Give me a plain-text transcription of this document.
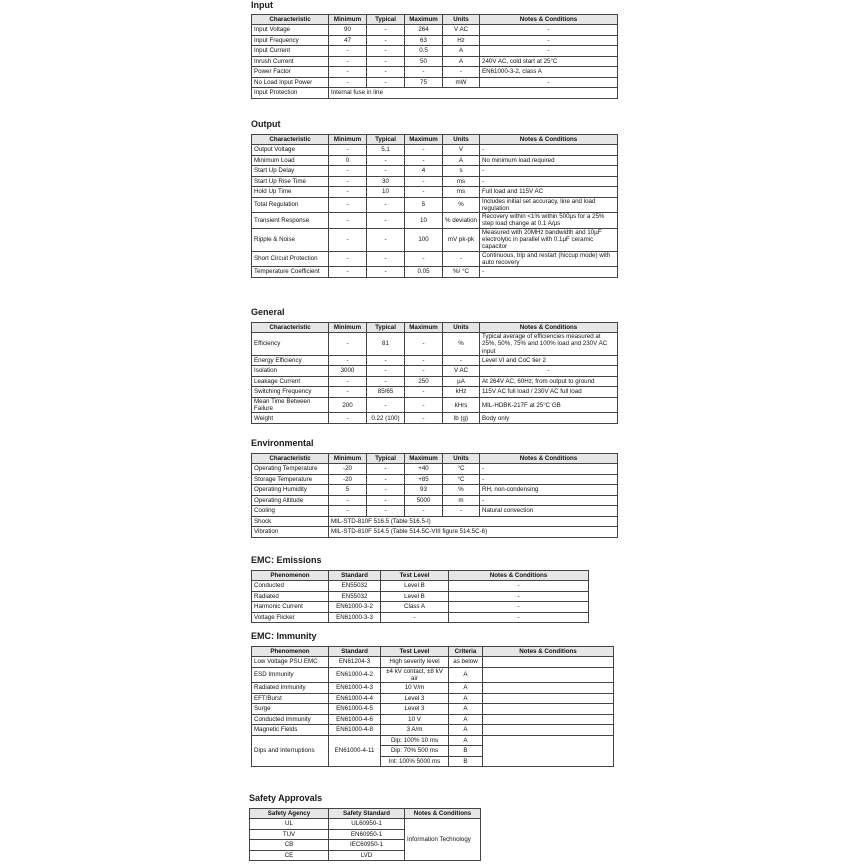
Input
Characteristic	Minimum	Typical	Maximum	Units	Notes & Conditions
Input Voltage	90	-	264	V AC	-
Input Frequency	47	-	63	Hz	-
Input Current	-	-	0.5	A	-
Inrush Current	-	-	50	A	240V AC, cold start at 25°C
Power Factor	-	-	-	-	EN61000-3-2, class A
No Load Input Power	-	-	75	mW	-
Input Protection	Internal fuse in line				
Output
Characteristic	Minimum	Typical	Maximum	Units	Notes & Conditions
Output Voltage	-	5.1	-	V	-
Minimum Load	0	-	-	A	No minimum load required
Start Up Delay	-	-	4	s	-
Start Up Rise Time	-	30	-	ms	-
Hold Up Time	-	10	-	ms	Full load and 115V AC
Total Regulation	-	-	5	%	Includes initial set accuracy, line and load regulation
Transient Response	-	-	10	% deviation	Recovery within <1% within 500µs for a 25% step load change at 0.1 A/µs
Ripple & Noise	-	-	100	mV pk-pk	Measured with 20MHz bandwidth and 10µF electrolytic in parallel with 0.1µF ceramic capacitor
Short Circuit Protection	-	-	-	-	Continuous, trip and restart (hiccup mode) with auto recovery
Temperature Coefficient	-	-	0.05	%/ °C	-
General
Characteristic	Minimum	Typical	Maximum	Units	Notes & Conditions
Efficiency	-	81	-	%	Typical average of efficiencies measured at 25%, 50%, 75% and 100% load and 230V AC input
Energy Efficiency	-	-	-	-	Level VI and CoC tier 2
Isolation	3000	-	-	V AC	-
Leakage Current	-	-	250	µA	At 264V AC, 60Hz, from output to ground
Switching Frequency	-	85/65	-	kHz	115V AC full load / 230V AC full load
Mean Time Between Failure	200	-	-	kHrs	MIL-HDBK-217F at 25°C GB
Weight	-	0.22 (100)	-	lb (g)	Body only
Environmental
Characteristic	Minimum	Typical	Maximum	Units	Notes & Conditions
Operating Temperature	-20	-	+40	°C	-
Storage Temperature	-20	-	+85	°C	-
Operating Humidity	5	-	93	%	RH, non-condensing
Operating Altitude	-	-	5000	m	-
Cooling	-	-	-	-	Natural convection
Shock	MIL-STD-810F 516.5 (Table 516.5-I)				
Vibration	MIL-STD-810F 514.5 (Table 514.5C-VIII figure 514.5C-6)				
EMC: Emissions
Phenomenon	Standard	Test Level	Notes & Conditions
Conducted	EN55032	Level B	-
Radiated	EN55032	Level B	-
Harmonic Current	EN61000-3-2	Class A	-
Voltage Flicker	EN61000-3-3	-	-
EMC: Immunity
Phenomenon	Standard	Test Level	Criteria	Notes & Conditions
Low Voltage PSU EMC	EN61204-3	High severity level	as below	
ESD Immunity	EN61000-4-2	±4 kV contact, ±8 kV air	A	
Radiated Immunity	EN61000-4-3	10 V/m	A	
EFT/Burst	EN61000-4-4	Level 3	A	
Surge	EN61000-4-5	Level 3	A	
Conducted Immunity	EN61000-4-6	10 V	A	
Magnetic Fields	EN61000-4-8	3 A/m	A	
Dips and Interruptions	EN61000-4-11	Dip: 100% 10 ms	A	
		Dip: 70% 500 ms	B	
		Int: 100% 5000 ms	B	
Safety Approvals
Safety Agency	Safety Standard	Notes & Conditions
UL	UL60950-1	Information Technology
TUV	EN60950-1	
CB	IEC60950-1	
CE	LVD	
